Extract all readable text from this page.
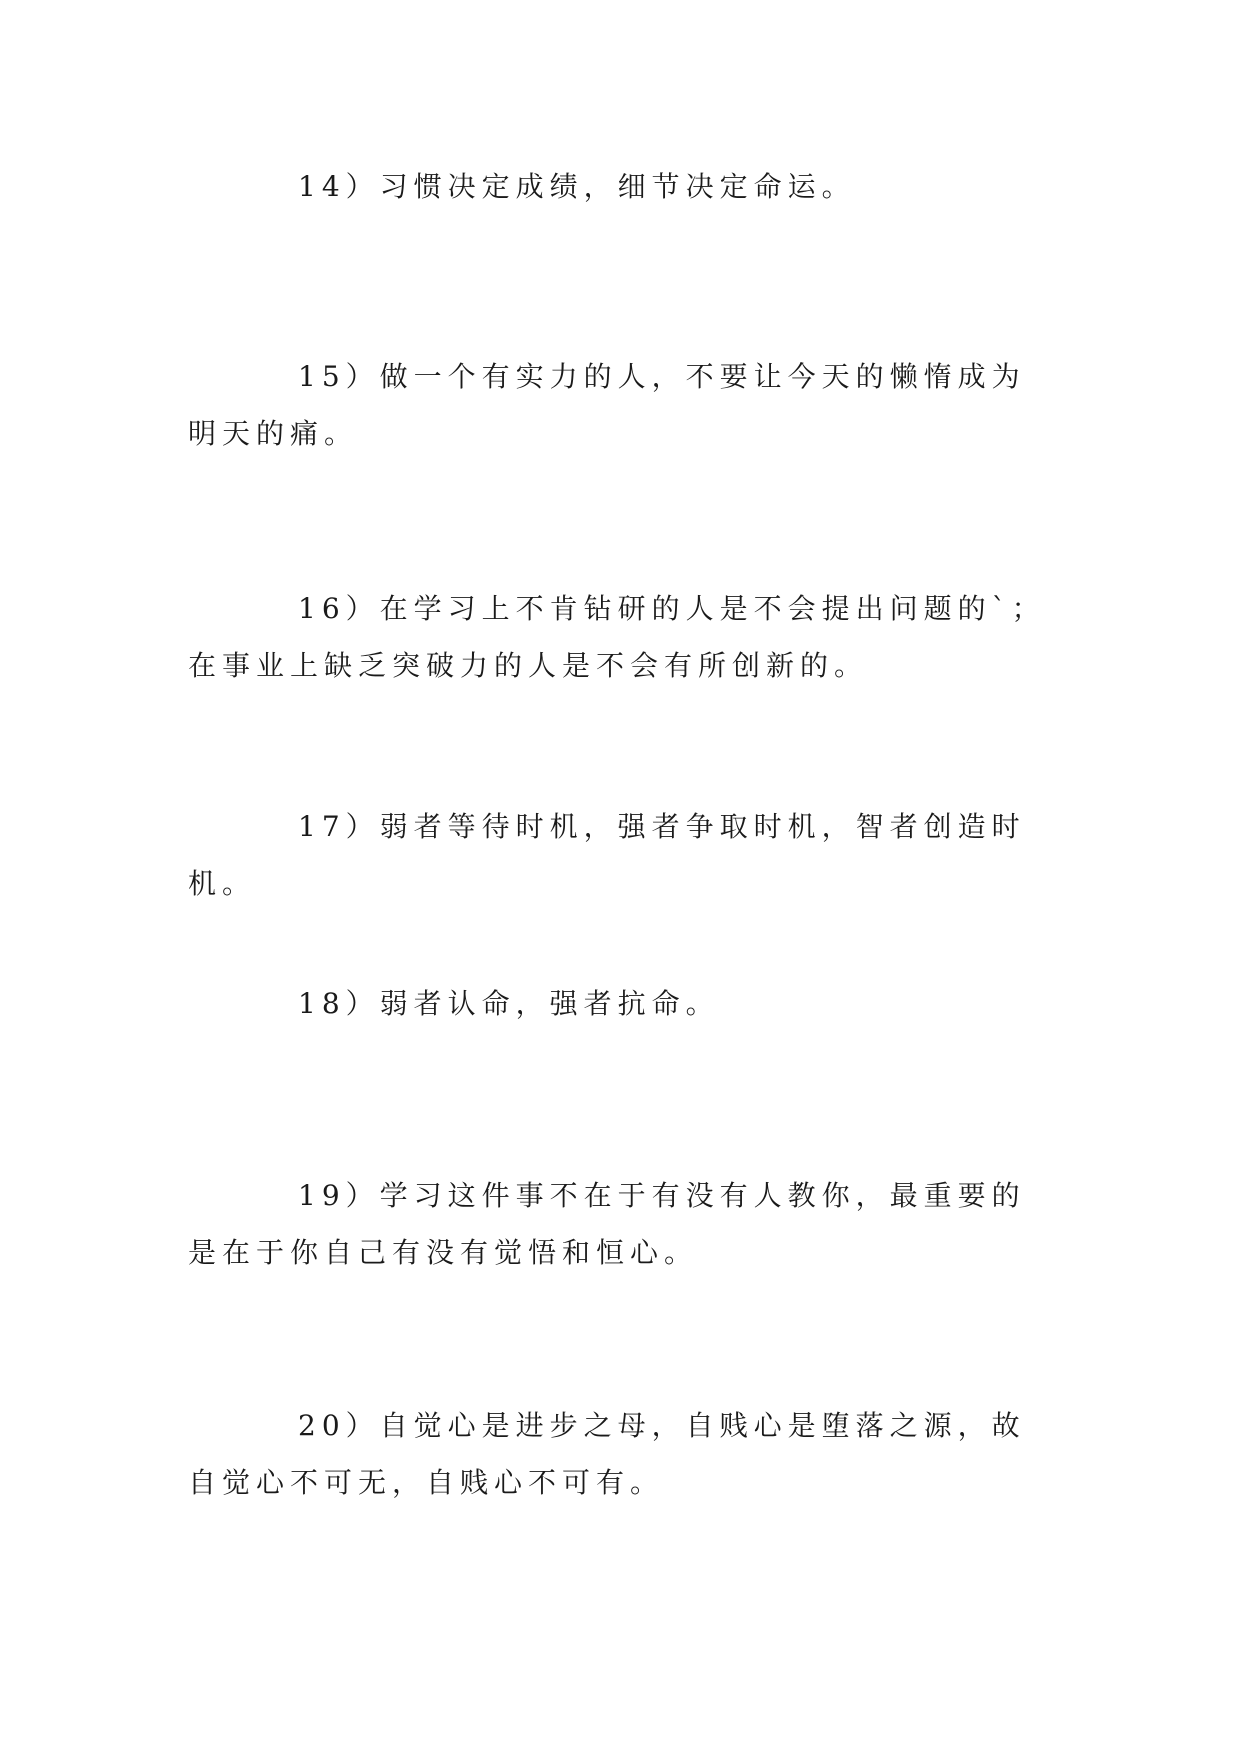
14）习惯决定成绩，细节决定命运。

15）做一个有实力的人，不要让今天的懒惰成为明天的痛。

16）在学习上不肯钻研的人是不会提出问题的`；在事业上缺乏突破力的人是不会有所创新的。

17）弱者等待时机，强者争取时机，智者创造时机。

18）弱者认命，强者抗命。

19）学习这件事不在于有没有人教你，最重要的是在于你自己有没有觉悟和恒心。

20）自觉心是进步之母，自贱心是堕落之源，故自觉心不可无，自贱心不可有。
